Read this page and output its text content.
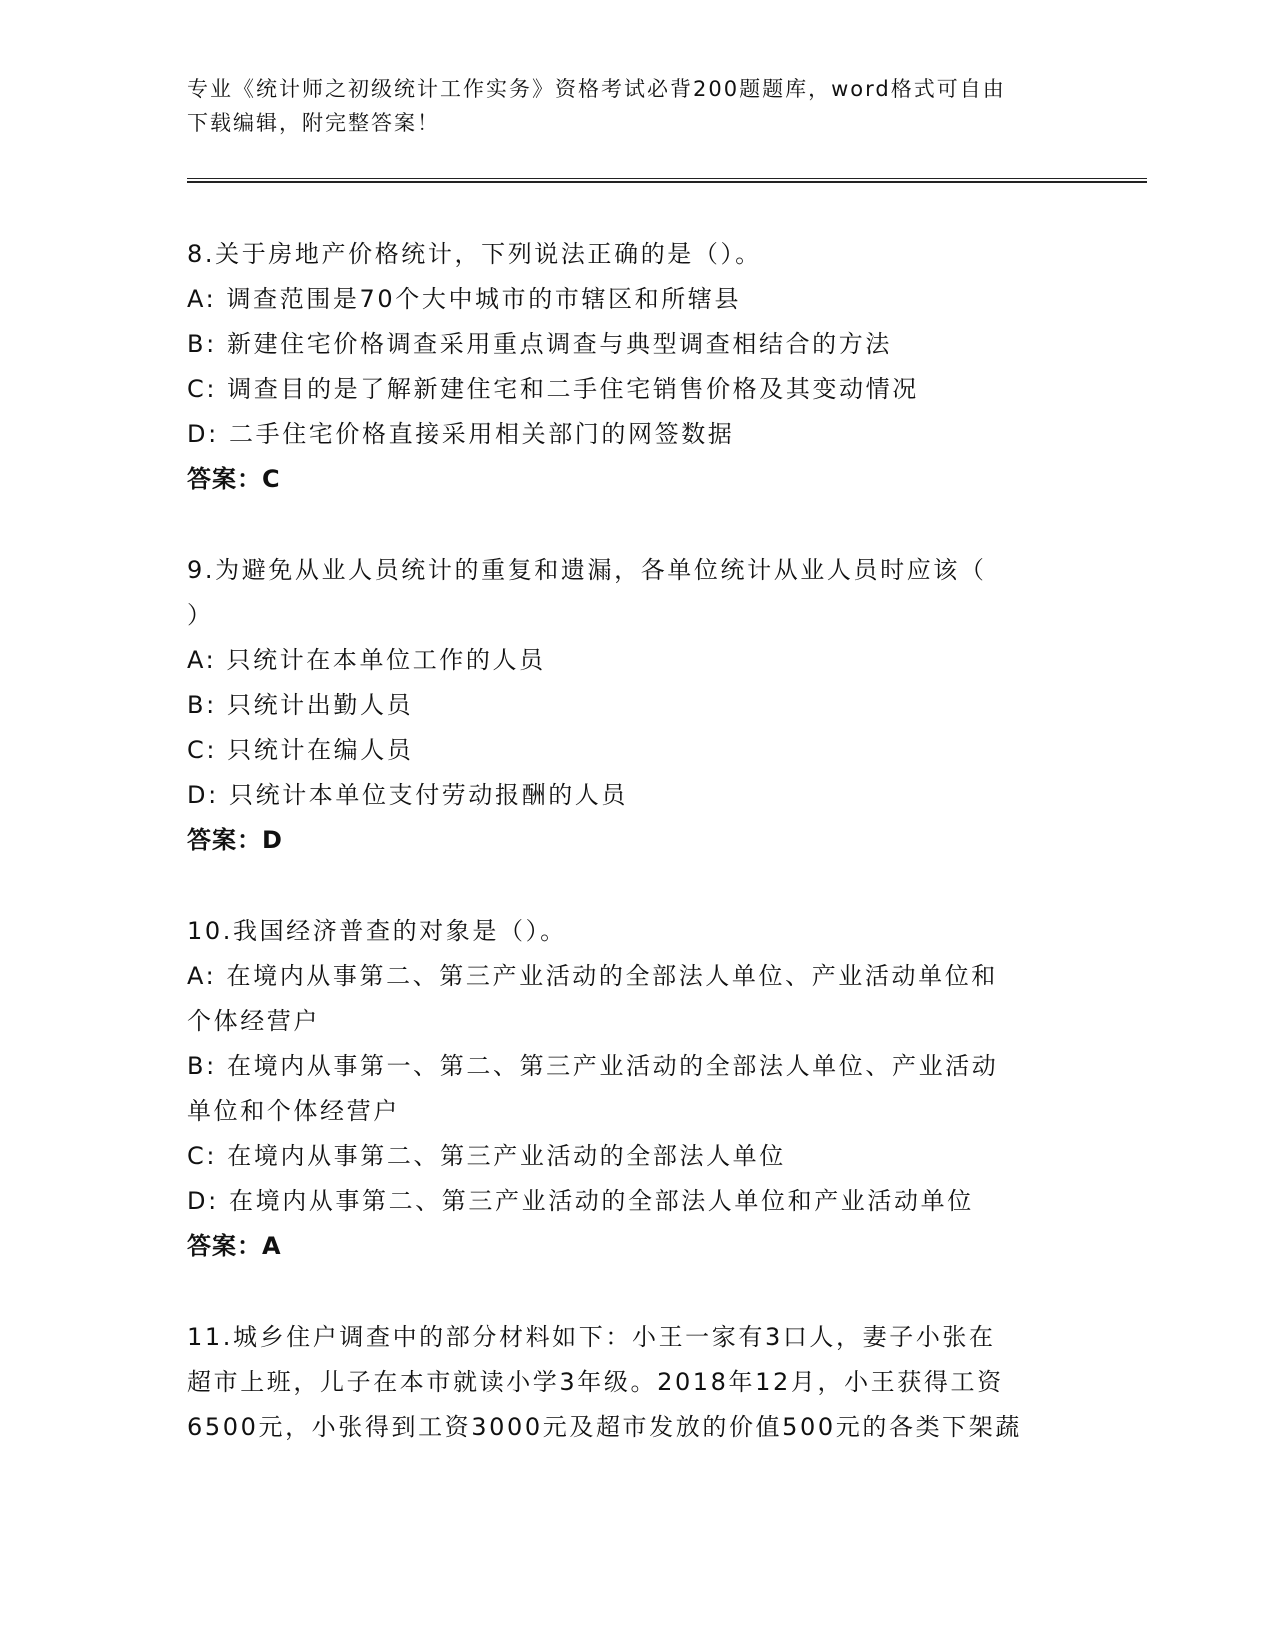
专业《统计师之初级统计工作实务》资格考试必背200题题库，word格式可自由
下载编辑，附完整答案！
8.关于房地产价格统计，下列说法正确的是（）。
A: 调查范围是70个大中城市的市辖区和所辖县
B: 新建住宅价格调查采用重点调查与典型调查相结合的方法
C: 调查目的是了解新建住宅和二手住宅销售价格及其变动情况
D: 二手住宅价格直接采用相关部门的网签数据
答案：C
9.为避免从业人员统计的重复和遗漏，各单位统计从业人员时应该（
）
A: 只统计在本单位工作的人员
B: 只统计出勤人员
C: 只统计在编人员
D: 只统计本单位支付劳动报酬的人员
答案：D
10.我国经济普查的对象是（）。
A: 在境内从事第二、第三产业活动的全部法人单位、产业活动单位和
个体经营户
B: 在境内从事第一、第二、第三产业活动的全部法人单位、产业活动
单位和个体经营户
C: 在境内从事第二、第三产业活动的全部法人单位
D: 在境内从事第二、第三产业活动的全部法人单位和产业活动单位
答案：A
11.城乡住户调查中的部分材料如下：小王一家有3口人，妻子小张在
超市上班，儿子在本市就读小学3年级。2018年12月，小王获得工资
6500元，小张得到工资3000元及超市发放的价值500元的各类下架蔬
